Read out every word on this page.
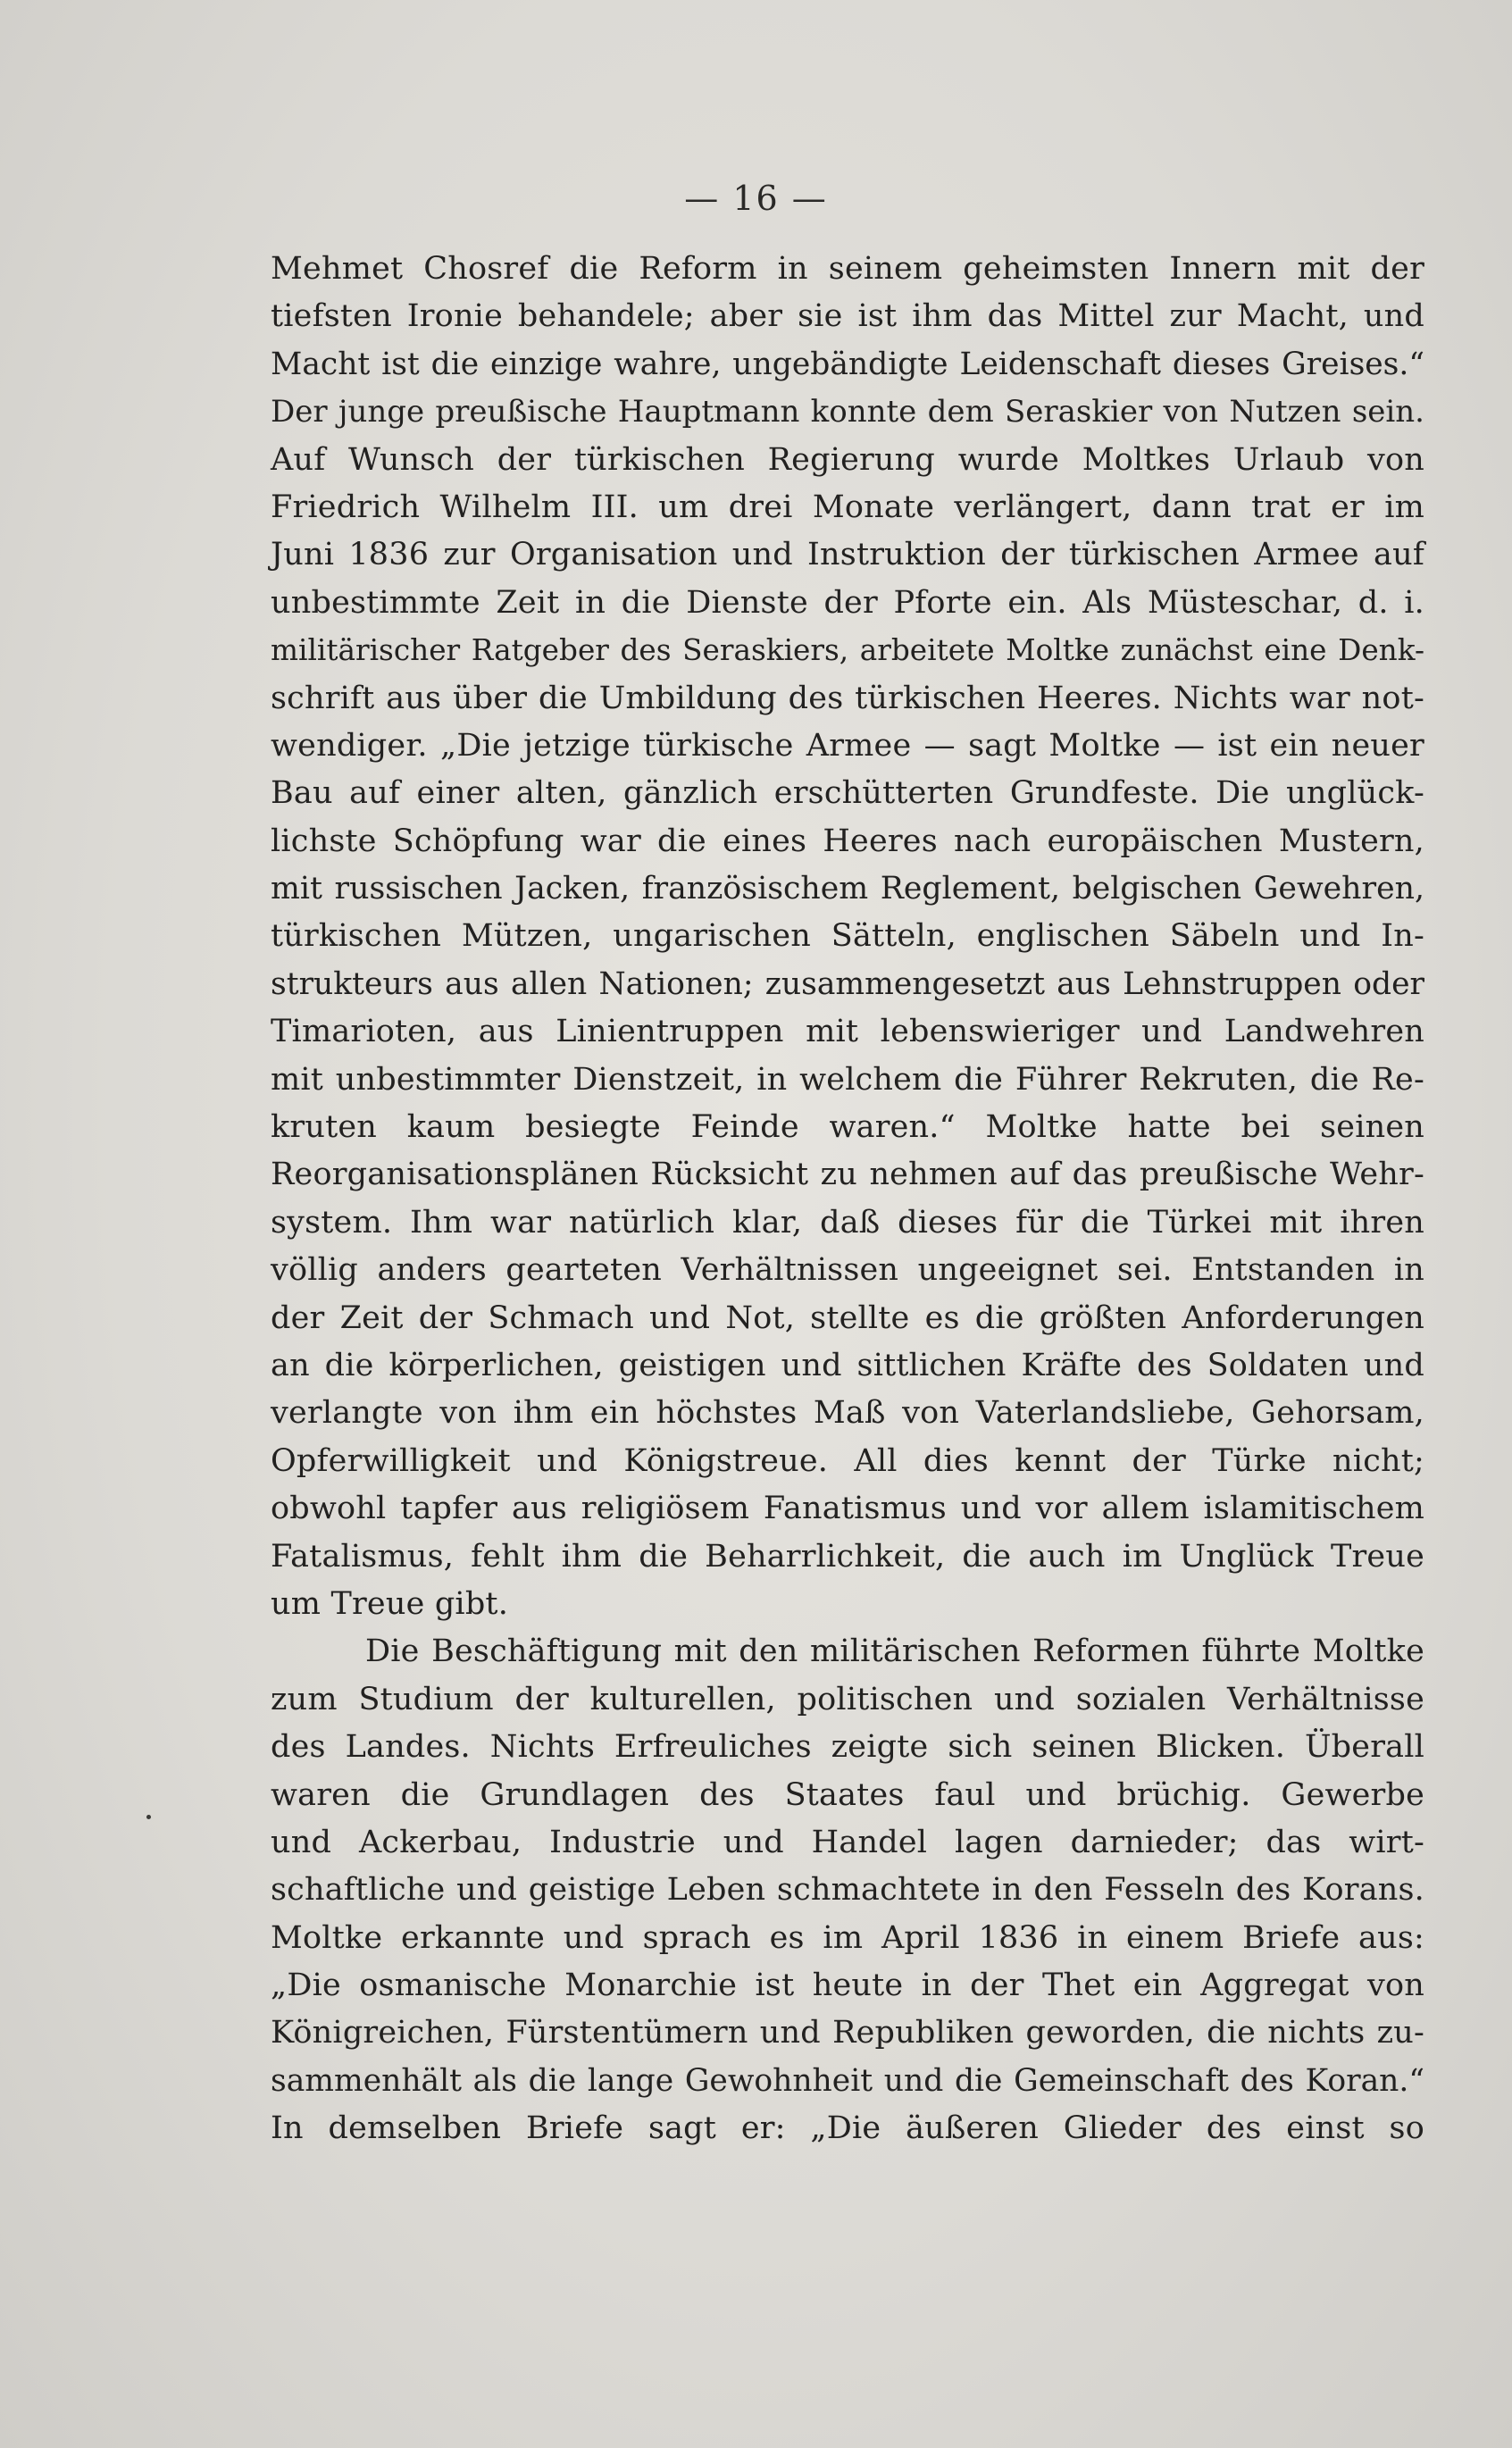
— 16 —
Mehmet Chosref die Reform in seinem geheimsten Innern mit der
tiefsten Ironie behandele; aber sie ist ihm das Mittel zur Macht, und
Macht ist die einzige wahre, ungebändigte Leidenschaft dieses Greises.“
Der junge preußische Hauptmann konnte dem Seraskier von Nutzen sein.
Auf Wunsch der türkischen Regierung wurde Moltkes Urlaub von
Friedrich Wilhelm III. um drei Monate verlängert, dann trat er im
Juni 1836 zur Organisation und Instruktion der türkischen Armee auf
unbestimmte Zeit in die Dienste der Pforte ein. Als Müsteschar, d. i.
militärischer Ratgeber des Seraskiers, arbeitete Moltke zunächst eine Denk-
schrift aus über die Umbildung des türkischen Heeres. Nichts war not-
wendiger. „Die jetzige türkische Armee — sagt Moltke — ist ein neuer
Bau auf einer alten, gänzlich erschütterten Grundfeste. Die unglück-
lichste Schöpfung war die eines Heeres nach europäischen Mustern,
mit russischen Jacken, französischem Reglement, belgischen Gewehren,
türkischen Mützen, ungarischen Sätteln, englischen Säbeln und In-
strukteurs aus allen Nationen; zusammengesetzt aus Lehnstruppen oder
Timarioten, aus Linientruppen mit lebenswieriger und Landwehren
mit unbestimmter Dienstzeit, in welchem die Führer Rekruten, die Re-
kruten kaum besiegte Feinde waren.“ Moltke hatte bei seinen
Reorganisationsplänen Rücksicht zu nehmen auf das preußische Wehr-
system. Ihm war natürlich klar, daß dieses für die Türkei mit ihren
völlig anders gearteten Verhältnissen ungeeignet sei. Entstanden in
der Zeit der Schmach und Not, stellte es die größten Anforderungen
an die körperlichen, geistigen und sittlichen Kräfte des Soldaten und
verlangte von ihm ein höchstes Maß von Vaterlandsliebe, Gehorsam,
Opferwilligkeit und Königstreue. All dies kennt der Türke nicht;
obwohl tapfer aus religiösem Fanatismus und vor allem islamitischem
Fatalismus, fehlt ihm die Beharrlichkeit, die auch im Unglück Treue
um Treue gibt.
Die Beschäftigung mit den militärischen Reformen führte Moltke
zum Studium der kulturellen, politischen und sozialen Verhältnisse
des Landes. Nichts Erfreuliches zeigte sich seinen Blicken. Überall
waren die Grundlagen des Staates faul und brüchig. Gewerbe
und Ackerbau, Industrie und Handel lagen darnieder; das wirt-
schaftliche und geistige Leben schmachtete in den Fesseln des Korans.
Moltke erkannte und sprach es im April 1836 in einem Briefe aus:
„Die osmanische Monarchie ist heute in der Thet ein Aggregat von
Königreichen, Fürstentümern und Republiken geworden, die nichts zu-
sammenhält als die lange Gewohnheit und die Gemeinschaft des Koran.“
In demselben Briefe sagt er: „Die äußeren Glieder des einst so
